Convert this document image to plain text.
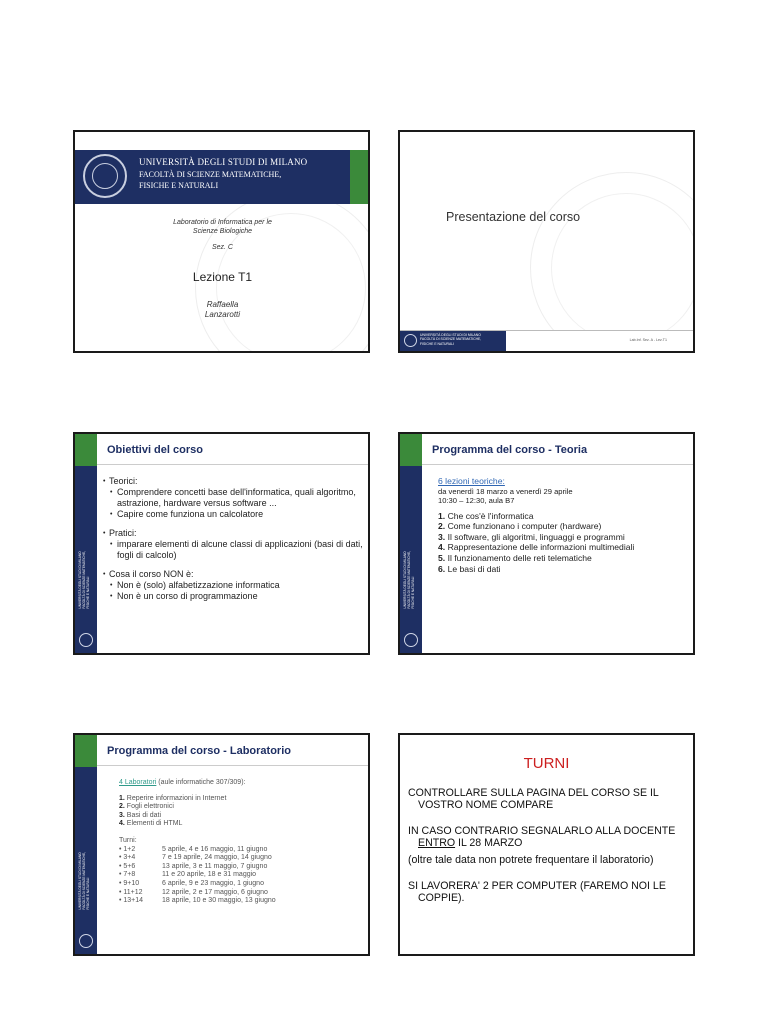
UNIVERSITÀ DEGLI STUDI DI MILANO
FACOLTÀ DI SCIENZE MATEMATICHE,
FISICHE E NATURALI
Laboratorio di Informatica per le
Scienze Biologiche
Sez. C
Lezione T1
Raffaella
Lanzarotti
Presentazione del corso
UNIVERSITÀ DEGLI STUDI DI MILANO
FACOLTÀ DI SCIENZE MATEMATICHE,
FISICHE E NATURALI
Lab.Inf. Sez. A - Lez.T1
UNIVERSITÀ DEGLI STUDI DI MILANO FACOLTÀ DI SCIENZE MATEMATICHE, FISICHE E NATURALI
Obiettivi del corso
• Teorici:
• Comprendere concetti base dell'informatica, quali algoritmo, astrazione, hardware versus software ...
• Capire come funziona un calcolatore
• Pratici:
• imparare elementi di alcune classi di applicazioni (basi di dati, fogli di calcolo)
• Cosa il corso NON è:
• Non è (solo) alfabetizzazione informatica
• Non è un corso di programmazione	UNIVERSITÀ DEGLI STUDI DI MILANO FACOLTÀ DI SCIENZE MATEMATICHE, FISICHE E NATURALI
Programma del corso - Teoria
6 lezioni teoriche:
da venerdì 18 marzo a venerdì 29 aprile
10:30 – 12:30, aula B7
1. Che cos'è l'informatica
2. Come funzionano i computer (hardware)
3. Il software, gli algoritmi, linguaggi e programmi
4. Rappresentazione delle informazioni multimediali
5. Il funzionamento delle reti telematiche
6. Le basi di dati
UNIVERSITÀ DEGLI STUDI DI MILANO FACOLTÀ DI SCIENZE MATEMATICHE, FISICHE E NATURALI
Programma del corso - Laboratorio
4 Laboratori (aule informatiche 307/309):
1. Reperire informazioni in Internet
2. Fogli elettronici
3. Basi di dati
4. Elementi di HTML
Turni:
• 1+2	5 aprile, 4 e 16 maggio, 11 giugno
• 3+4	7 e 19 aprile, 24 maggio, 14 giugno
• 5+6	13 aprile, 3 e 11 maggio, 7 giugno
• 7+8	11 e 20 aprile, 18 e 31 maggio
• 9+10	6 aprile, 9 e 23 maggio, 1 giugno
• 11+12	12 aprile, 2 e 17 maggio, 6 giugno
• 13+14	18 aprile, 10 e 30 maggio, 13 giugno
TURNI
CONTROLLARE SULLA PAGINA DEL CORSO SE IL VOSTRO NOME COMPARE
IN CASO CONTRARIO SEGNALARLO ALLA DOCENTE ENTRO IL 28 MARZO
(oltre tale data non potrete frequentare il laboratorio)
SI LAVORERA' 2 PER COMPUTER (FAREMO NOI LE COPPIE).
